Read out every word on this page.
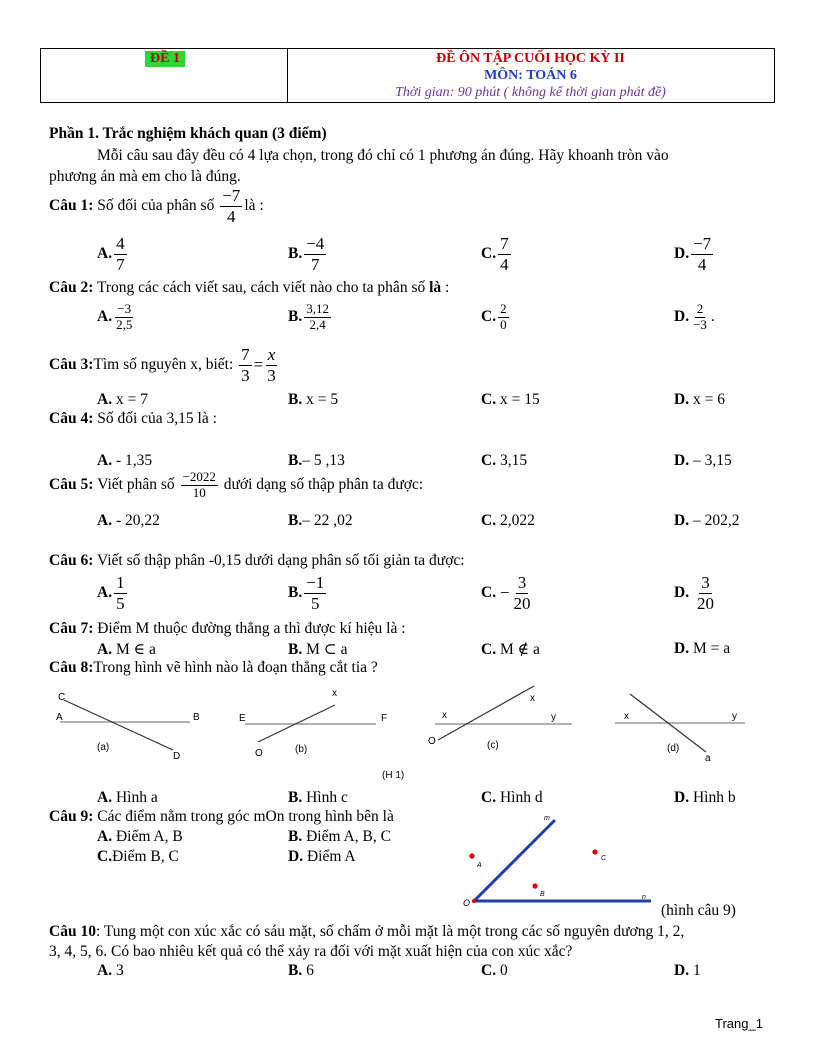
ĐỀ 1	ĐỀ ÔN TẬP CUỐI HỌC KỲ II
MÔN: TOÁN 6
Thời gian: 90 phút ( không kể thời gian phát đề)
Phần 1. Trắc nghiệm khách quan (3 điểm)
Mỗi câu sau đây đều có 4 lựa chọn, trong đó chỉ có 1 phương án đúng. Hãy khoanh tròn vào
phương án mà em cho là đúng.
Câu 1:
Số đối của phân số
$\frac{-7}{4}$ là :
A. $\frac{4}{7}$	B. $\frac{-4}{7}$	C. $\frac{7}{4}$	D. $\frac{-7}{4}$
Câu 2: Trong các cách viết sau, cách viết nào cho ta phân số là :
A. $\frac{-3}{2,5}$	B. $\frac{3,12}{2,4}$	C. $\frac{2}{0}$	D. $\frac{2}{-3}$ .
Câu 3: Tìm số nguyên x, biết:
$\frac{7}{3} = \frac{x}{3}$
A. x = 7	B. x = 5	C. x = 15	D. x = 6
Câu 4: Số đối của 3,15 là :
A. - 1,35	B.– 5 ,13	C. 3,15	D. – 3,15
Câu 5:
Viết phân số
$\frac{-2022}{10}$
dưới dạng số thập phân ta được:
A. - 20,22	B.– 22 ,02	C. 2,022	D. – 202,2
Câu 6: Viết số thập phân -0,15 dưới dạng phân số tối giản ta được:
A. $\frac{1}{5}$	B. $\frac{-1}{5}$	C.
− $\frac{3}{20}$	D.
$\frac{3}{20}$
Câu 7: Điểm M thuộc đường thẳng a thì được kí hiệu là :
A. M ∈ a	B. M ⊂ a	C. M ∉ a	D. M = a
Câu 8:Trong hình vẽ hình nào là đoạn thẳng cắt tia ?
C
A	B
D
(a)
x
E	F
O	(b)
x
x
y
O	(c)
x	y
a
(d)
(H 1)
A. Hình a	B. Hình c	C. Hình d	D. Hình b
Câu 9: Các điểm nằm trong góc mOn trong hình bên là
A. Điểm A, B	B. Điểm A, B, C
C.Điểm B, C	D. Điểm A
m
A
C
B
O
n
(hình câu 9)
Câu 10: Tung một con xúc xắc có sáu mặt, số chấm ở mỗi mặt là một trong các số nguyên dương 1, 2,
3, 4, 5, 6. Có bao nhiêu kết quả có thể xảy ra đối với mặt xuất hiện của con xúc xắc?
A. 3	B. 6	C. 0	D. 1
Trang_1
